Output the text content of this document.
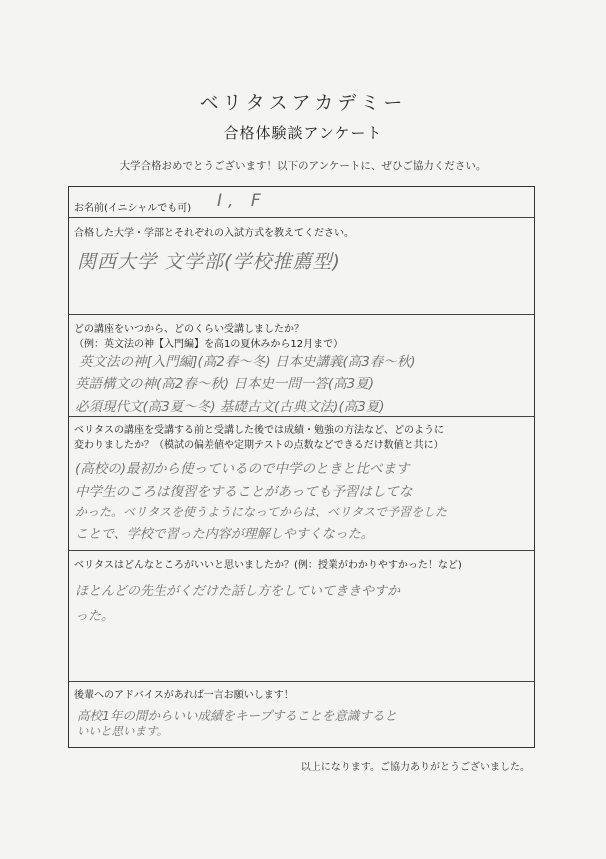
ベリタスアカデミー
合格体験談アンケート
大学合格おめでとうございます！以下のアンケートに、ぜひご協力ください。
お名前(イニシャルでも可) I, F
合格した大学・学部とそれぞれの入試方式を教えてください。
関西大学 文学部(学校推薦型)
どの講座をいつから、どのくらい受講しましたか？
（例：英文法の神【入門編】を高1の夏休みから12月まで）
英文法の神[入門編](高2春〜冬) 日本史講義(高3春〜秋)
英語構文の神(高2春〜秋) 日本史一問一答(高3夏)
必須現代文(高3夏〜冬) 基礎古文(古典文法)(高3夏)
ベリタスの講座を受講する前と受講した後では成績・勉強の方法など、どのように
変わりましたか？（模試の偏差値や定期テストの点数などできるだけ数値と共に）
(高校の)最初から使っているので中学のときと比べます
中学生のころは復習をすることがあっても予習はしてな
かった。ベリタスを使うようになってからは、ベリタスで予習をした
ことで、学校で習った内容が理解しやすくなった。
ベリタスはどんなところがいいと思いましたか？(例：授業がわかりやすかった！など)
ほとんどの先生がくだけた話し方をしていてききやすか
った。
後輩へのアドバイスがあれば一言お願いします！
高校1年の間からいい成績をキープすることを意識すると
いいと思います。
以上になります。ご協力ありがとうございました。
